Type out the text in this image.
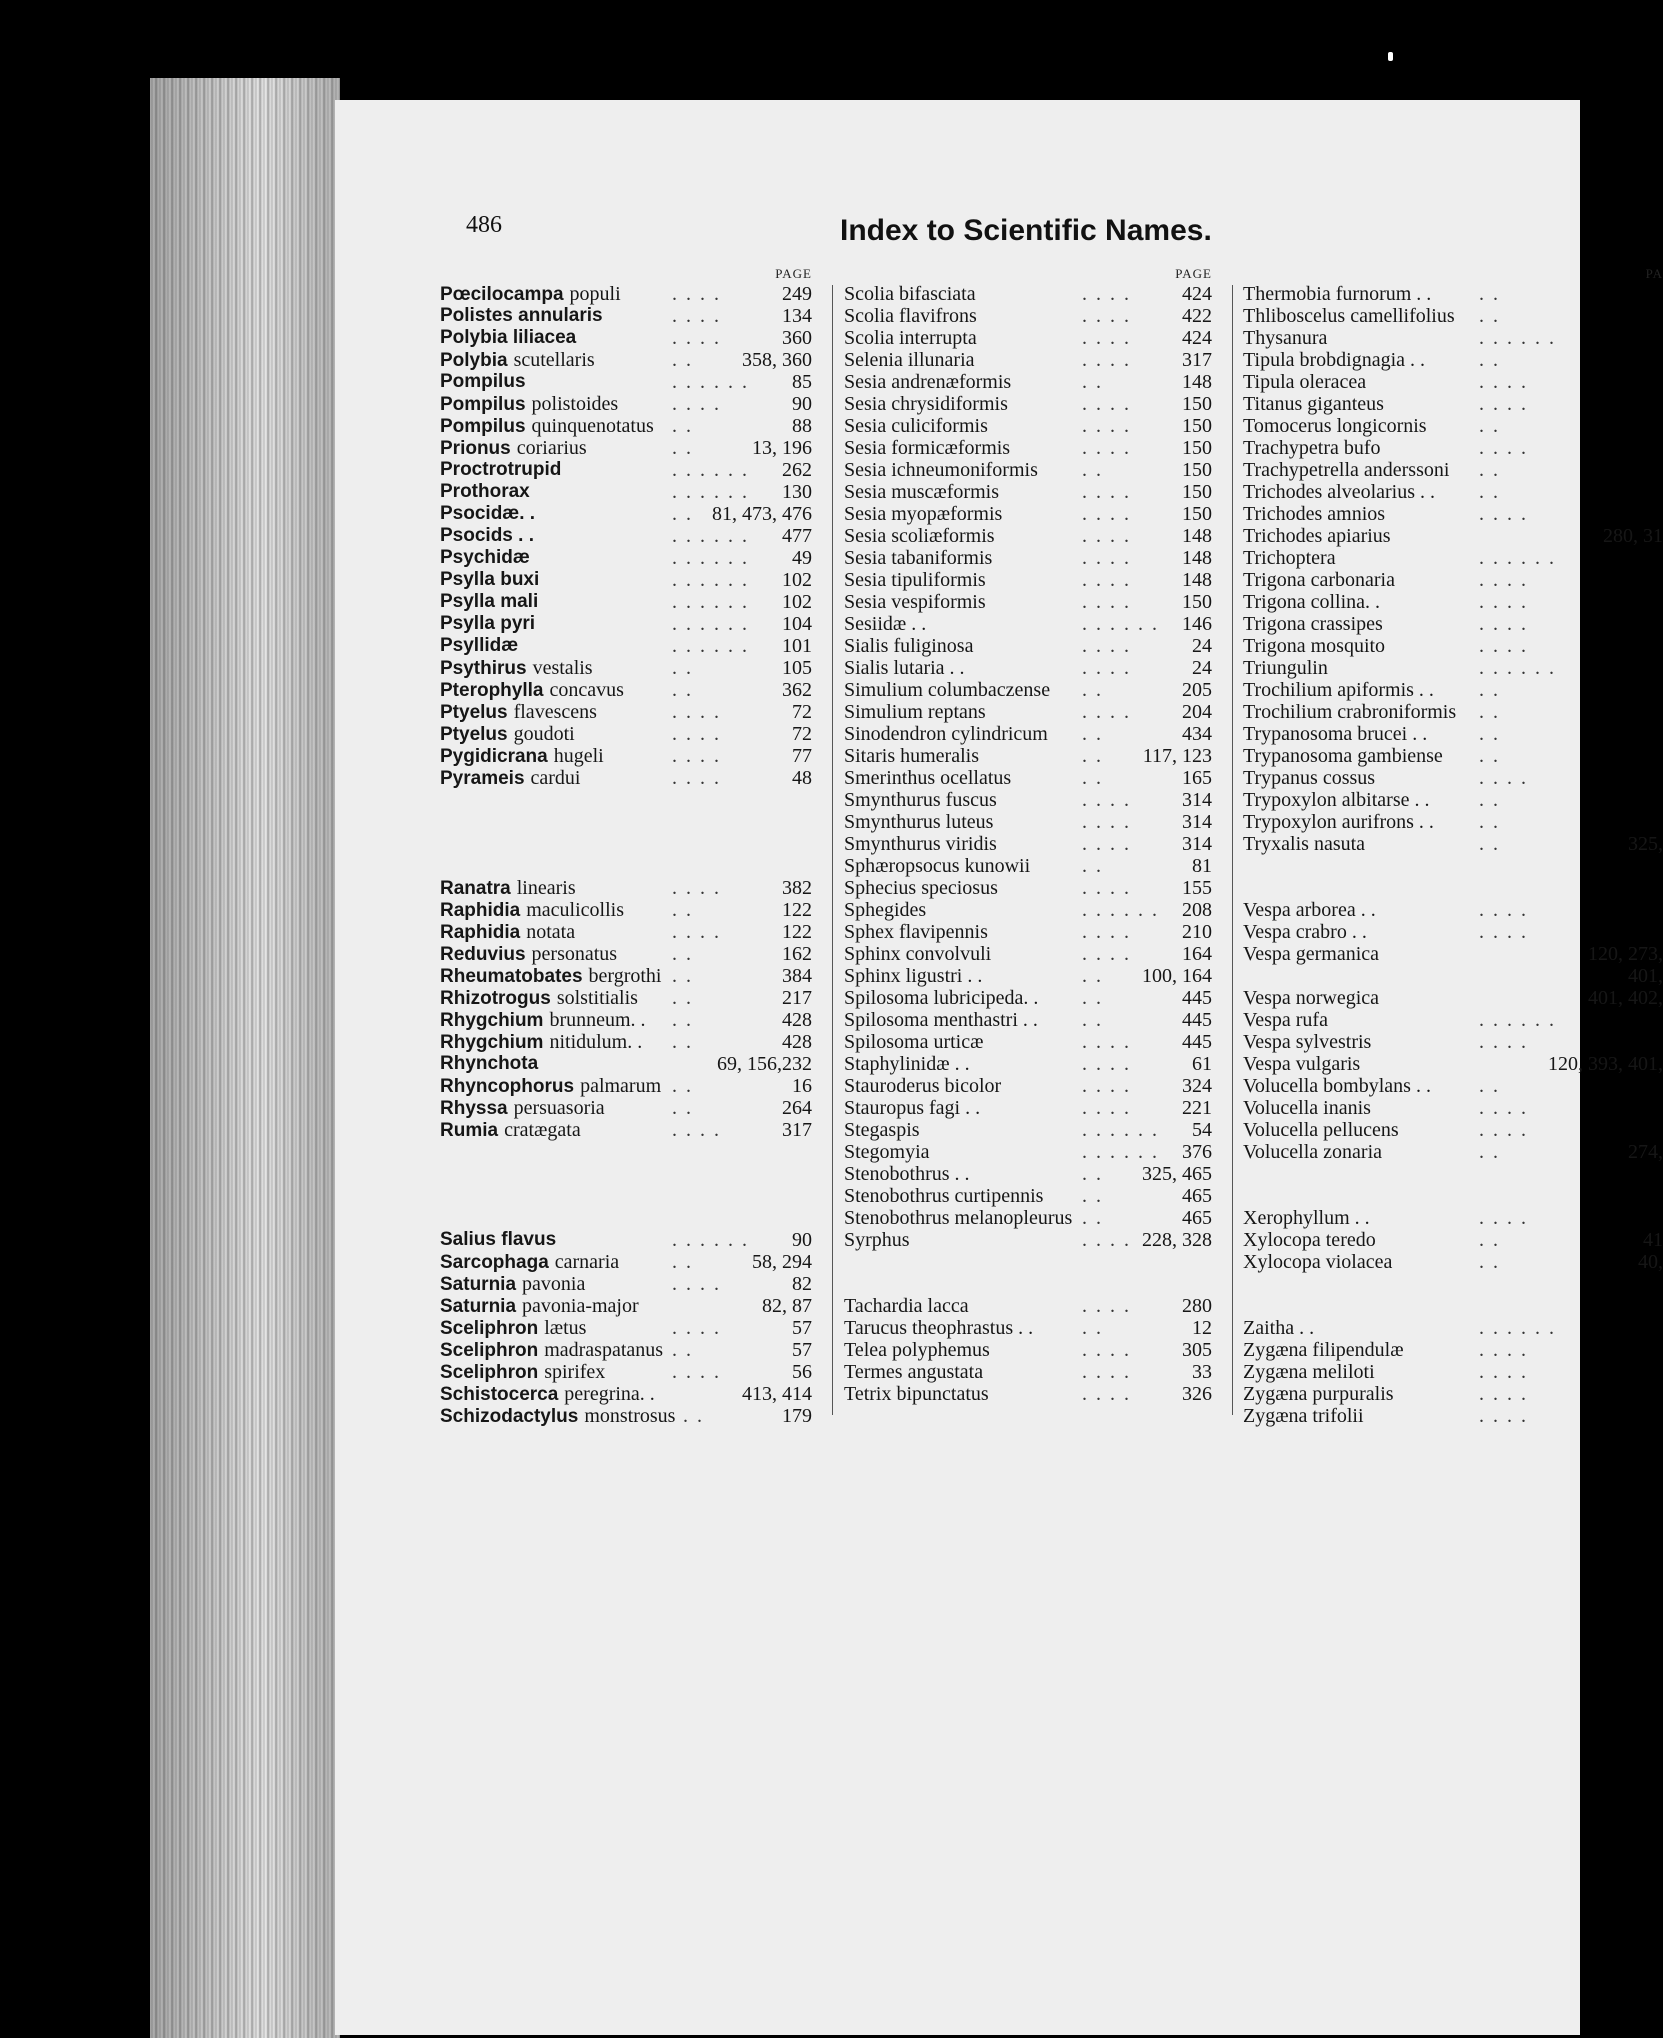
486	Index to Scientific Names.
PAGE
Pœcilocampa populi	. . . .	249
Polistes annularis	. . . .	134
Polybia liliacea	. . . .	360
Polybia scutellaris	. . 358, 360
Pompilus	. . . . . . 85
Pompilus polistoides	. . . .	90
Pompilus quinquenotatus . .	88
Prionus coriarius	. .	13, 196
Proctrotrupid	. . . . . . 262
Prothorax	. . . . . . 130
Psocidæ. .	. . 81, 473, 476
Psocids . .	. . . . . . 477
Psychidæ	. . . . . . 49
Psylla buxi	. . . . . . 102
Psylla mali	. . . . . . 102
Psylla pyri	. . . . . . 104
Psyllidæ	. . . . . . 101
Psythirus vestalis	. .	105
Pterophylla concavus . .	362
Ptyelus flavescens	. . . .	72
Ptyelus goudoti	. . . .	72
Pygidicrana hugeli	. . . .	77
Pyrameis cardui	. . . .	48
Ranatra linearis	. . . .	382
Raphidia maculicollis . .	122
Raphidia notata	. . . .	122
Reduvius personatus	. .	162
Rheumatobates bergrothi . .	384
Rhizotrogus solstitialis . .	217
Rhygchium brunneum. . . .	428
Rhygchium nitidulum. . . .	428
Rhynchota	69, 156,232
Rhyncophorus palmarum . .	16
Rhyssa persuasoria	. .	264
Rumia cratægata	. . . .	317
Salius flavus	. . . . . . 90
Sarcophaga carnaria	. .	58, 294
Saturnia pavonia	. . . .	82
Saturnia pavonia-major	82, 87
Sceliphron lætus	. . . .	57
Sceliphron madraspatanus . .	57
Sceliphron spirifex	. . . .	56
Schistocerca peregrina. .	413, 414
Schizodactylus monstrosus . .	179
PAGE
Scolia bifasciata	. . . .	424
Scolia flavifrons	. . . .	422
Scolia interrupta	. . . .	424
Selenia illunaria	. . . .	317
Sesia andrenæformis	. .	148
Sesia chrysidiformis	. . . .	150
Sesia culiciformis	. . . .	150
Sesia formicæformis	. . . .	150
Sesia ichneumoniformis . .	150
Sesia muscæformis	. . . .	150
Sesia myopæformis	. . . .	150
Sesia scoliæformis	. . . .	148
Sesia tabaniformis	. . . .	148
Sesia tipuliformis	. . . .	148
Sesia vespiformis	. . . .	150
Sesiidæ . .	. . . . . . 146
Sialis fuliginosa	. . . .	24
Sialis lutaria . .	. . . .	24
Simulium columbaczense . .	205
Simulium reptans	. . . .	204
Sinodendron cylindricum . .	434
Sitaris humeralis	. . 117, 123
Smerinthus ocellatus	. .	165
Smynthurus fuscus	. . . .	314
Smynthurus luteus	. . . .	314
Smynthurus viridis	. . . .	314
Sphæropsocus kunowii	. .	81
Sphecius speciosus	. . . .	155
Sphegides	. . . . . . 208
Sphex flavipennis	. . . .	210
Sphinx convolvuli	. . . .	164
Sphinx ligustri . .	. . 100, 164
Spilosoma lubricipeda. . . .	445
Spilosoma menthastri . . . .	445
Spilosoma urticæ	. . . .	445
Staphylinidæ . .	. . . .	61
Stauroderus bicolor	. . . .	324
Stauropus fagi . .	. . . .	221
Stegaspis	. . . . . . 54
Stegomyia	. . . . . . 376
Stenobothrus . .	. . 325, 465
Stenobothrus curtipennis . .	465
Stenobothrus melanopleurus . .	465
Syrphus	. . . . 228, 328
Tachardia lacca	. . . .	280
Tarucus theophrastus . . . .	12
Telea polyphemus	. . . .	305
Termes angustata	. . . .	33
Tetrix bipunctatus	. . . .	326
PA
Thermobia furnorum . . . .
Thliboscelus camellifolius . .
Thysanura	. . . . . .
Tipula brobdignagia . .	. .
Tipula oleracea	. . . .
Titanus giganteus	. . . .
Tomocerus longicornis	. .
Trachypetra bufo	. . . .
Trachypetrella anderssoni . .
Trichodes alveolarius . . . .
Trichodes amnios	. . . .
Trichodes apiarius	280, 31
Trichoptera	. . . . . .
Trigona carbonaria	. . . .
Trigona collina. .	. . . .
Trigona crassipes	. . . .
Trigona mosquito	. . . .
Triungulin	. . . . . .
Trochilium apiformis . . . .
Trochilium crabroniformis . .
Trypanosoma brucei . .	. .
Trypanosoma gambiense . .
Trypanus cossus	. . . .
Trypoxylon albitarse . . . .
Trypoxylon aurifrons . . . .
Tryxalis nasuta	. .	325,
Vespa arborea . .	. . . .
Vespa crabro . .	. . . .
Vespa germanica	120, 273,
401,
Vespa norwegica	401, 402,
Vespa rufa	. . . . . .
Vespa sylvestris	. . . .
Vespa vulgaris	120, 393, 401,
Volucella bombylans . . . .
Volucella inanis	. . . .
Volucella pellucens	. . . .
Volucella zonaria	. .	274,
Xerophyllum . .	. . . .
Xylocopa teredo	. .	41
Xylocopa violacea	. .	40,
Zaitha . .	. . . . . .
Zygæna filipendulæ	. . . .
Zygæna meliloti	. . . .
Zygæna purpuralis	. . . .
Zygæna trifolii	. . . .
